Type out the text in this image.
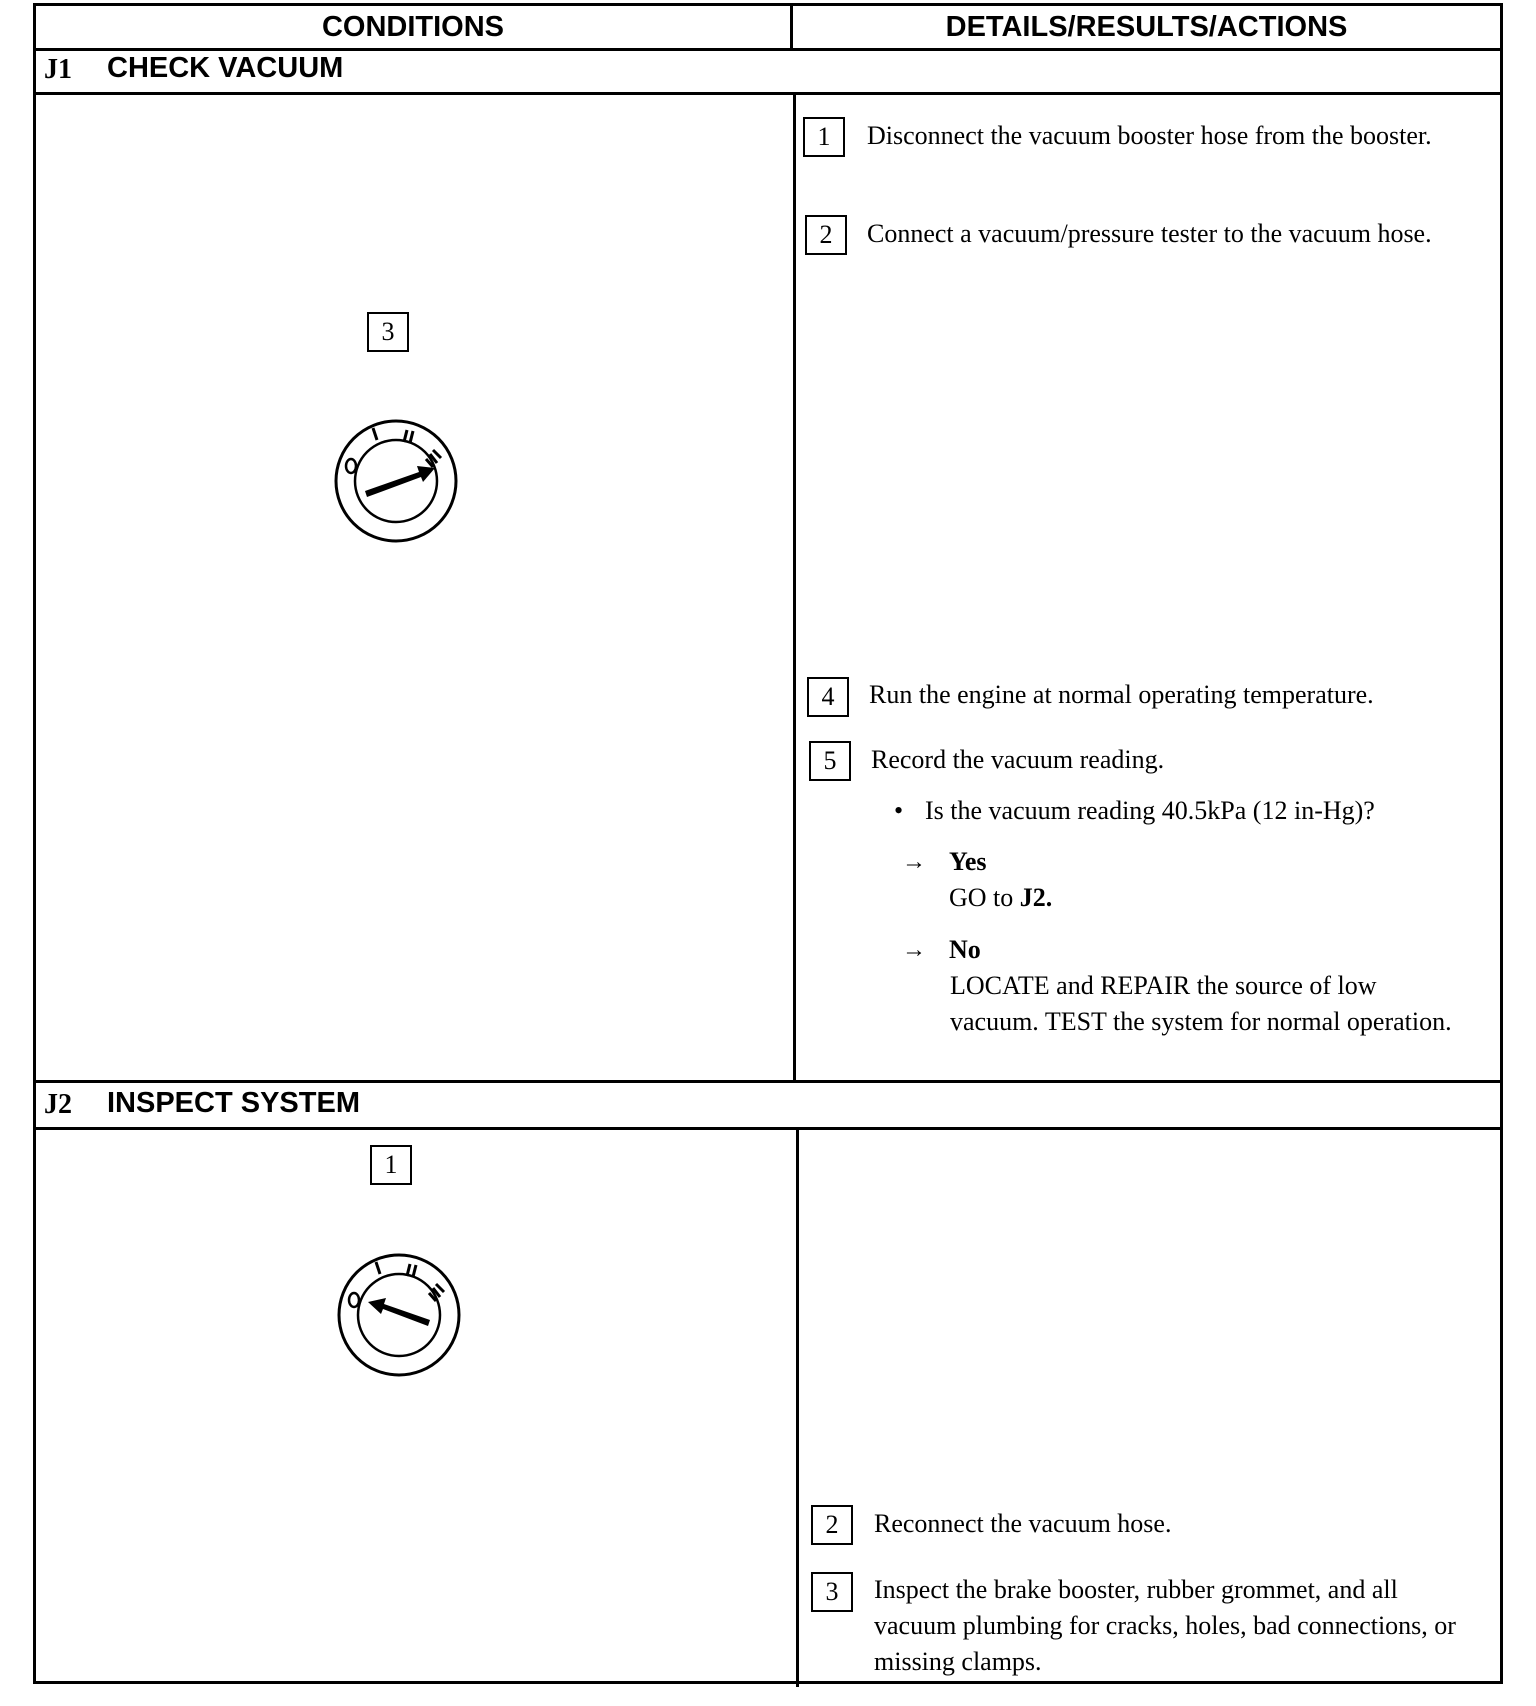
CONDITIONS	DETAILS/RESULTS/ACTIONS
J1 CHECK VACUUM
3
1	Disconnect the vacuum booster hose from the booster.
2	Connect a vacuum/pressure tester to the vacuum hose.
4	Run the engine at normal operating temperature.
5	Record the vacuum reading.
• Is the vacuum reading 40.5kPa (12 in-Hg)?
→ Yes
GO to J2.
→ No
LOCATE and REPAIR the source of low vacuum. TEST the system for normal operation.
J2 INSPECT SYSTEM
1
2	Reconnect the vacuum hose.
3	Inspect the brake booster, rubber grommet, and all vacuum plumbing for cracks, holes, bad connections, or missing clamps.
